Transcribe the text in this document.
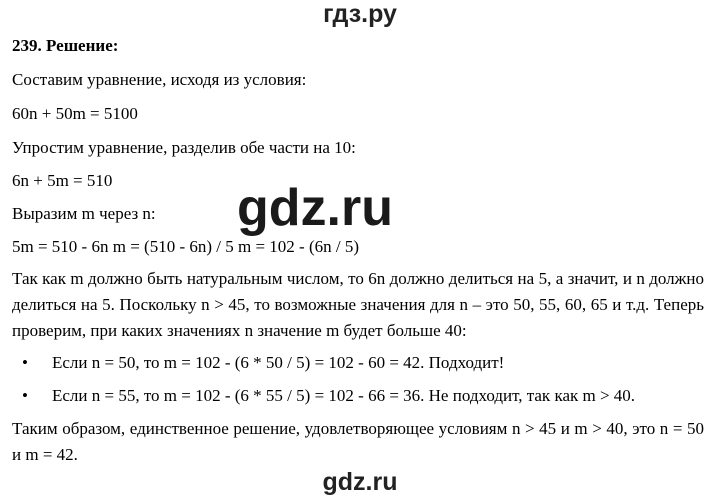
гдз.ру
239. Решение:
Составим уравнение, исходя из условия:
60n + 50m = 5100
Упростим уравнение, разделив обе части на 10:
6n + 5m = 510
Выразим m через n:
5m = 510 - 6n m = (510 - 6n) / 5 m = 102 - (6n / 5)
Так как m должно быть натуральным числом, то 6n должно делиться на 5, а значит, и n должно делиться на 5. Поскольку n > 45, то возможные значения для n – это 50, 55, 60, 65 и т.д. Теперь проверим, при каких значениях n значение m будет больше 40:
• Если n = 50, то m = 102 - (6 * 50 / 5) = 102 - 60 = 42. Подходит!
• Если n = 55, то m = 102 - (6 * 55 / 5) = 102 - 66 = 36. Не подходит, так как m > 40.
Таким образом, единственное решение, удовлетворяющее условиям n > 45 и m > 40, это n = 50 и m = 42.
gdz.ru
gdz.ru
